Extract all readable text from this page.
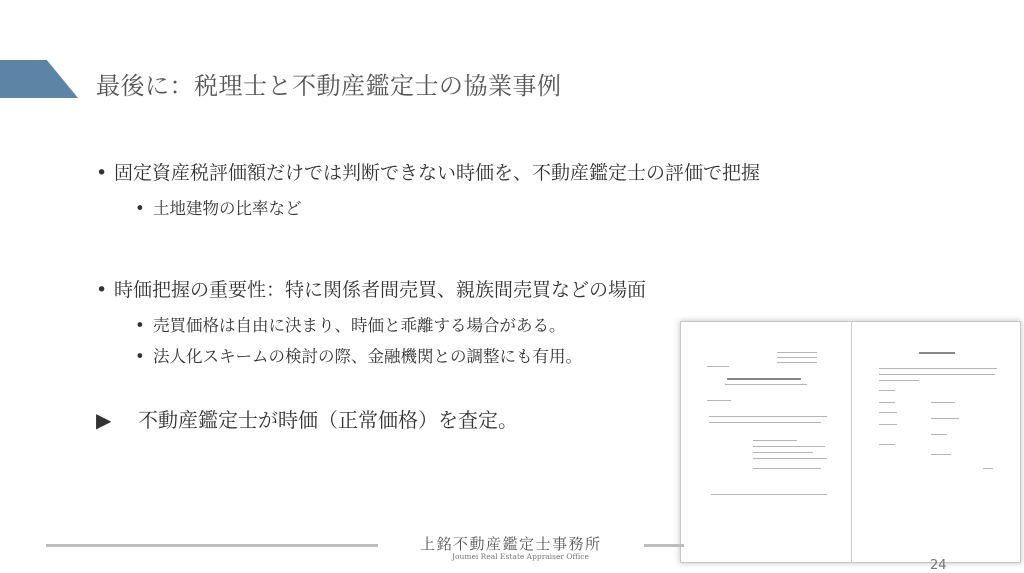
最後に：税理士と不動産鑑定士の協業事例
• 固定資産税評価額だけでは判断できない時価を、不動産鑑定士の評価で把握
• 土地建物の比率など
• 時価把握の重要性：特に関係者間売買、親族間売買などの場面
• 売買価格は自由に決まり、時価と乖離する場合がある。
• 法人化スキームの検討の際、金融機関との調整にも有用。
▶ 不動産鑑定士が時価（正常価格）を査定。
上銘不動産鑑定士事務所
Joumei Real Estate Appraiser Office
24
